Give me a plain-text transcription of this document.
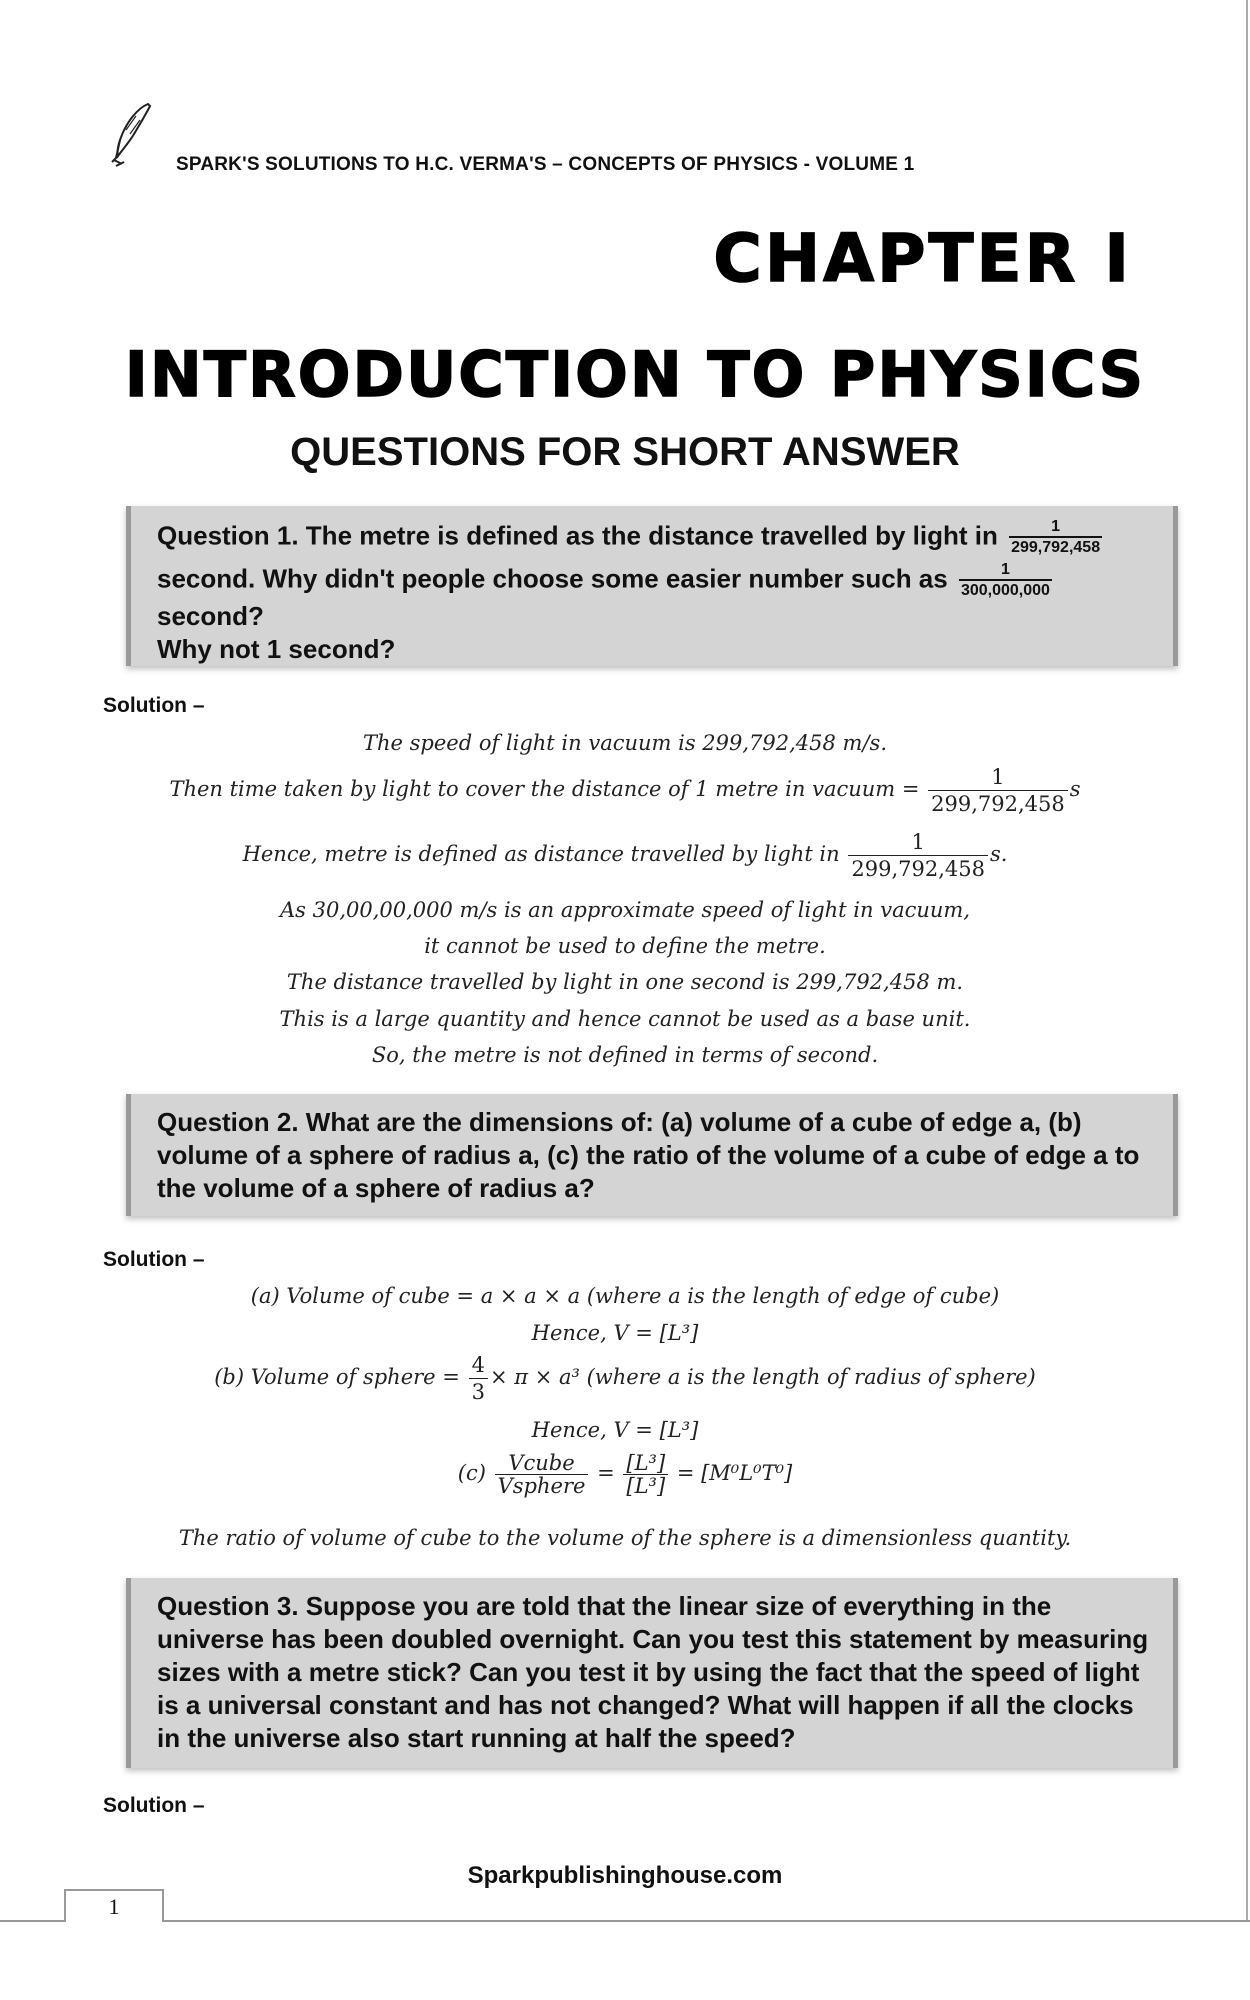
SPARK'S SOLUTIONS TO H.C. VERMA'S – CONCEPTS OF PHYSICS - VOLUME 1
CHAPTER I
INTRODUCTION TO PHYSICS
QUESTIONS FOR SHORT ANSWER
Question 1. The metre is defined as the distance travelled by light in $\frac{1}{299,792,458}$
second. Why didn't people choose some easier number such as $\frac{1}{300,000,000}$
second?
Why not 1 second?
Solution –
The speed of light in vacuum is 299,792,458 m/s.
Then time taken by light to cover the distance of 1 metre in vacuum = $\frac{1}{299,792,458}$ s
Hence, metre is defined as distance travelled by light in $\frac{1}{299,792,458} s$.
As 30,00,00,000 m/s is an approximate speed of light in vacuum,
it cannot be used to define the metre.
The distance travelled by light in one second is 299,792,458 m.
This is a large quantity and hence cannot be used as a base unit.
So, the metre is not defined in terms of second.
Question 2. What are the dimensions of: (a) volume of a cube of edge a, (b) volume of a sphere of radius a, (c) the ratio of the volume of a cube of edge a to the volume of a sphere of radius a?
Solution –
(a) Volume of cube = a × a × a (where a is the length of edge of cube)
Hence, V = [L³]
(b) Volume of sphere = $\frac{4}{3} \times \pi \times a^3$ (where a is the length of radius of sphere)
Hence, V = [L³]
$(c) \frac{\text{Vcube}}{\text{Vsphere}} = \frac{\text{[L³]}}{\text{[L³]}} = [M^0L^0T^0]$
The ratio of volume of cube to the volume of the sphere is a dimensionless quantity.
Question 3. Suppose you are told that the linear size of everything in the universe has been doubled overnight. Can you test this statement by measuring sizes with a metre stick? Can you test it by using the fact that the speed of light is a universal constant and has not changed? What will happen if all the clocks in the universe also start running at half the speed?
Solution –
Sparkpublishinghouse.com
1
